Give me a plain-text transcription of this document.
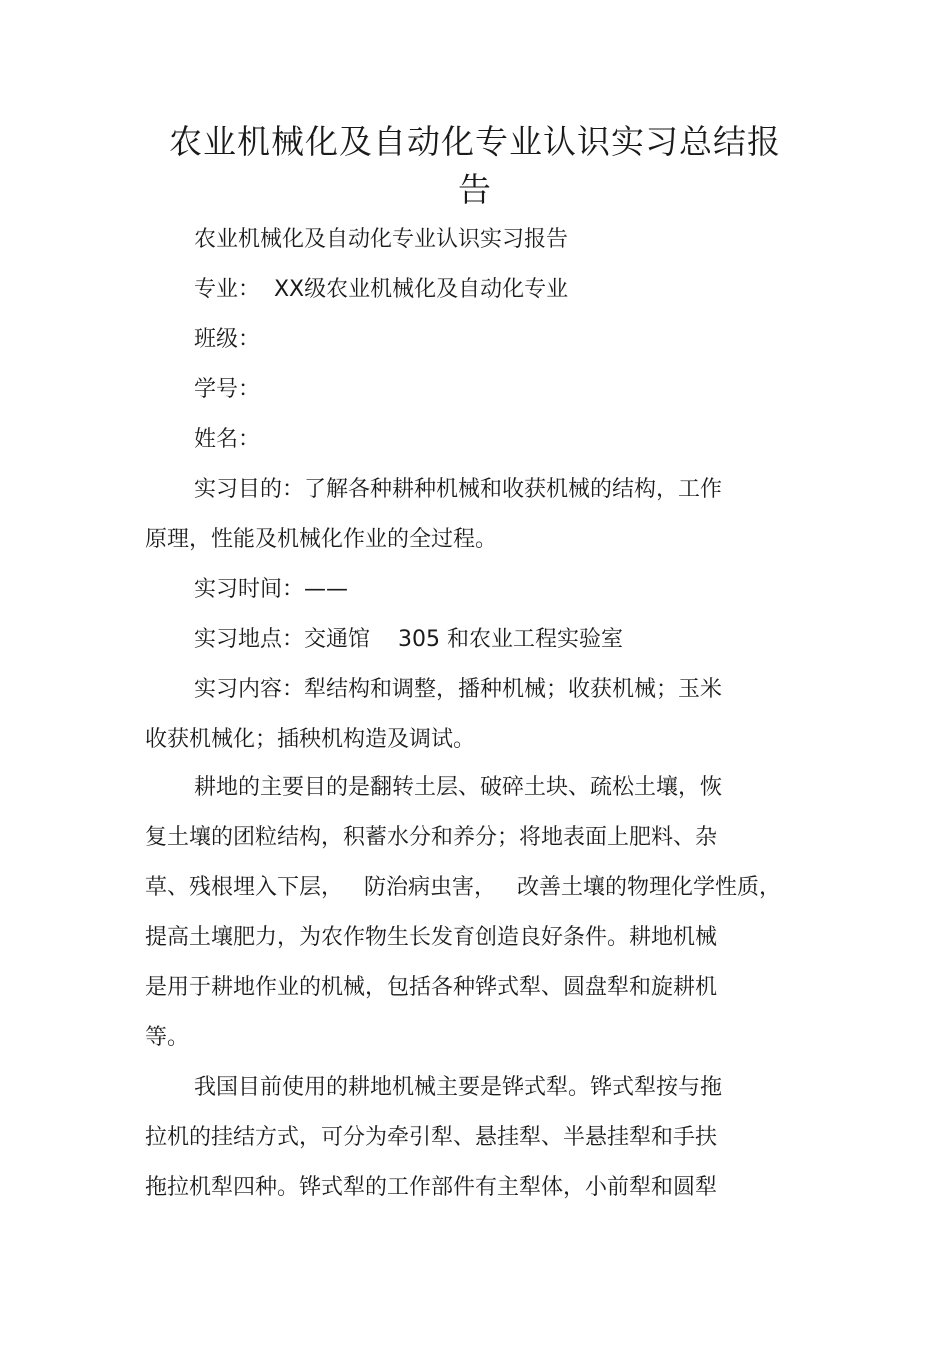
农业机械化及自动化专业认识实习总结报
告

农业机械化及自动化专业认识实习报告

专业：  XX级农业机械化及自动化专业

班级：

学号：

姓名：

实习目的：了解各种耕种机械和收获机械的结构，工作

原理，性能及机械化作业的全过程。

实习时间：——

实习地点：交通馆    305 和农业工程实验室

实习内容：犁结构和调整，播种机械；收获机械；玉米

收获机械化；插秧机构造及调试。

耕地的主要目的是翻转土层、破碎土块、疏松土壤，恢

复土壤的团粒结构，积蓄水分和养分；将地表面上肥料、杂

草、残根埋入下层，   防治病虫害，   改善土壤的物理化学性质，

提高土壤肥力，为农作物生长发育创造良好条件。耕地机械

是用于耕地作业的机械，包括各种铧式犁、圆盘犁和旋耕机

等。

我国目前使用的耕地机械主要是铧式犁。铧式犁按与拖

拉机的挂结方式，可分为牵引犁、悬挂犁、半悬挂犁和手扶

拖拉机犁四种。铧式犁的工作部件有主犁体，小前犁和圆犁
